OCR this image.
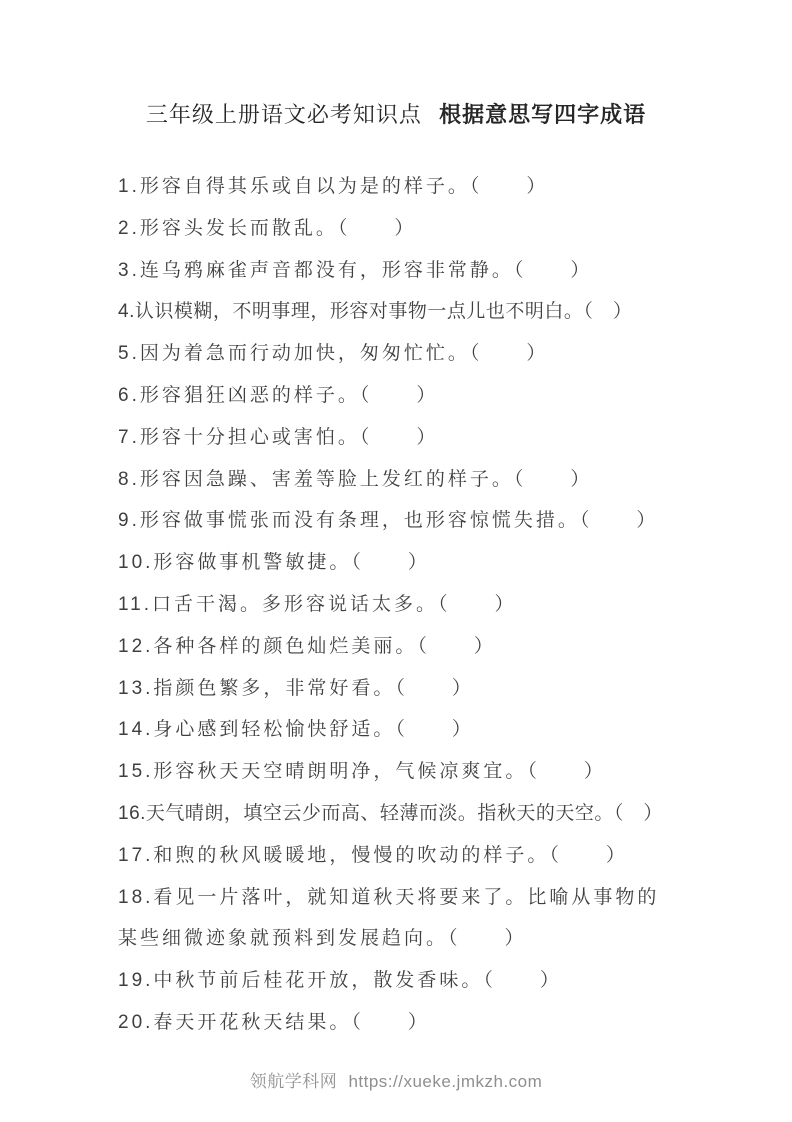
三年级上册语文必考知识点 根据意思写四字成语

1.形容自得其乐或自以为是的样子。（　　）

2.形容头发长而散乱。（　　）

3.连乌鸦麻雀声音都没有，形容非常静。（　　）

4.认识模糊，不明事理，形容对事物一点儿也不明白。（　）

5.因为着急而行动加快，匆匆忙忙。（　　）

6.形容猖狂凶恶的样子。（　　）

7.形容十分担心或害怕。（　　）

8.形容因急躁、害羞等脸上发红的样子。（　　）

9.形容做事慌张而没有条理，也形容惊慌失措。（　　）

10.形容做事机警敏捷。（　　）

11.口舌干渴。多形容说话太多。（　　）

12.各种各样的颜色灿烂美丽。（　　）

13.指颜色繁多，非常好看。（　　）

14.身心感到轻松愉快舒适。（　　）

15.形容秋天天空晴朗明净，气候凉爽宜。（　　）

16.天气晴朗，填空云少而高、轻薄而淡。指秋天的天空。（　）

17.和煦的秋风暖暖地，慢慢的吹动的样子。（　　）

18.看见一片落叶，就知道秋天将要来了。比喻从事物的某些细微迹象就预料到发展趋向。（　　）

19.中秋节前后桂花开放，散发香味。（　　）

20.春天开花秋天结果。（　　）

领航学科网 https://xueke.jmkzh.com
